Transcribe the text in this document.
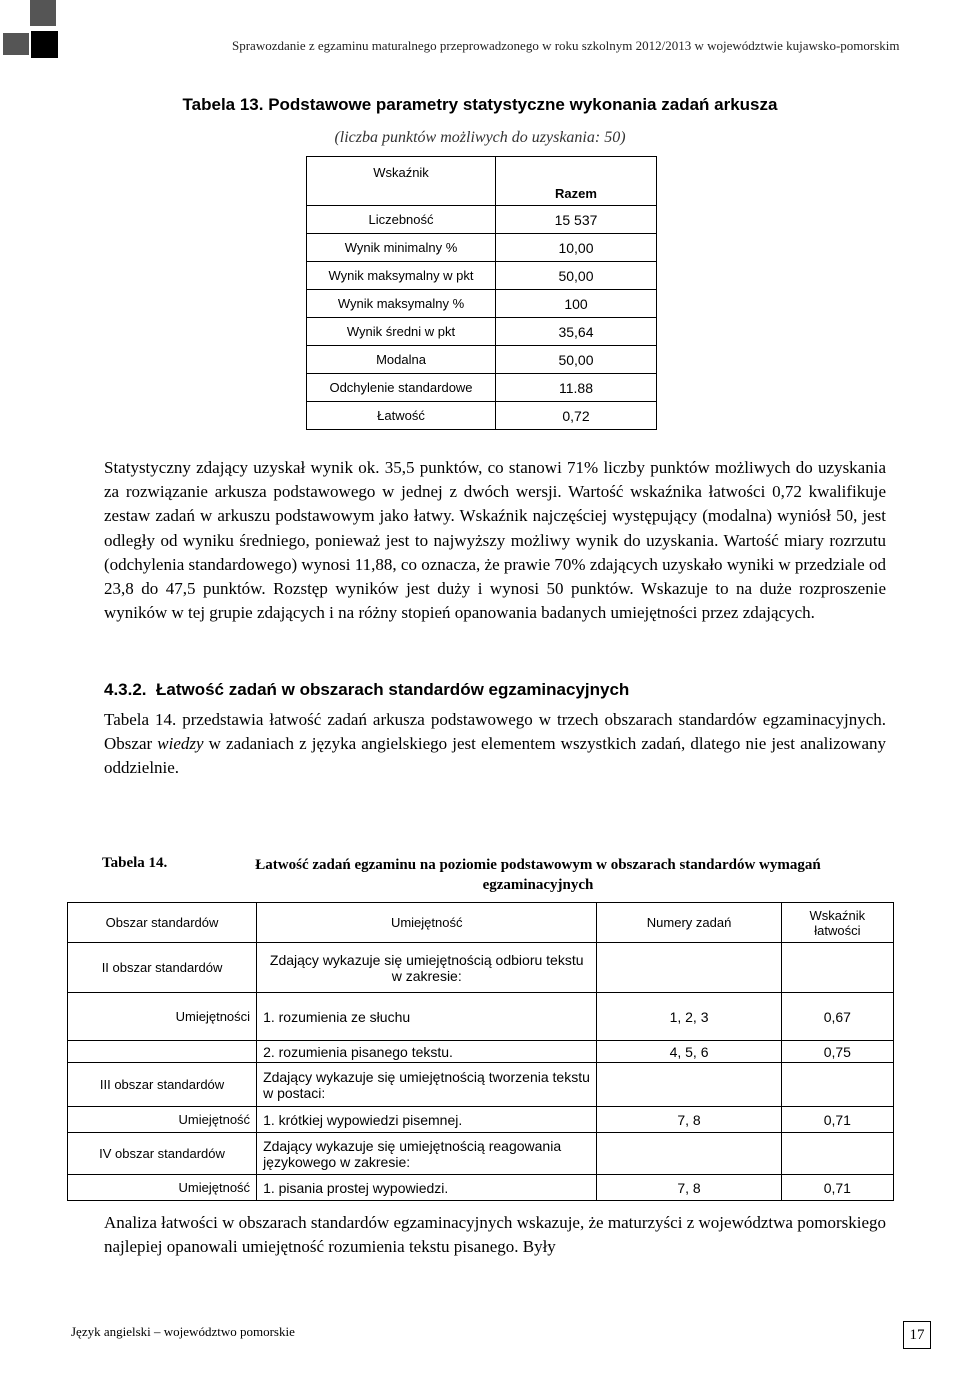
Sprawozdanie z egzaminu maturalnego przeprowadzonego w roku szkolnym 2012/2013 w województwie kujawsko-pomorskim
Tabela 13. Podstawowe parametry statystyczne wykonania zadań arkusza
(liczba punktów możliwych do uzyskania: 50)
Wskaźnik	Razem
Liczebność	15 537
Wynik minimalny %	10,00
Wynik maksymalny w pkt	50,00
Wynik maksymalny %	100
Wynik średni w pkt	35,64
Modalna	50,00
Odchylenie standardowe	11.88
Łatwość	0,72

Statystyczny zdający uzyskał wynik ok. 35,5 punktów, co stanowi 71% liczby punktów możliwych do uzyskania za rozwiązanie arkusza podstawowego w jednej z dwóch wersji. Wartość wskaźnika łatwości 0,72 kwalifikuje zestaw zadań w arkuszu podstawowym jako łatwy. Wskaźnik najczęściej występujący (modalna) wyniósł 50, jest odległy od wyniku średniego, ponieważ jest to najwyższy możliwy wynik do uzyskania. Wartość miary rozrzutu (odchylenia standardowego) wynosi 11,88, co oznacza, że prawie 70% zdających uzyskało wyniki w przedziale od 23,8 do 47,5 punktów. Rozstęp wyników jest duży i wynosi 50 punktów. Wskazuje to na duże rozproszenie wyników w tej grupie zdających i na różny stopień opanowania badanych umiejętności przez zdających.

4.3.2. Łatwość zadań w obszarach standardów egzaminacyjnych

Tabela 14. przedstawia łatwość zadań arkusza podstawowego w trzech obszarach standardów egzaminacyjnych. Obszar wiedzy w zadaniach z języka angielskiego jest elementem wszystkich zadań, dlatego nie jest analizowany oddzielnie.

Tabela 14.	Łatwość zadań egzaminu na poziomie podstawowym w obszarach standardów wymagań
egzaminacyjnych
Obszar standardów	Umiejętność	Numery zadań	Wskaźnik łatwości
II obszar standardów	Zdający wykazuje się umiejętnością odbioru tekstu w zakresie:		
Umiejętności	1. rozumienia ze słuchu	1, 2, 3	0,67
	2. rozumienia pisanego tekstu.	4, 5, 6	0,75
III obszar standardów	Zdający wykazuje się umiejętnością tworzenia tekstu w postaci:		
Umiejętność	1. krótkiej wypowiedzi pisemnej.	7, 8	0,71
IV obszar standardów	Zdający wykazuje się umiejętnością reagowania językowego w zakresie:		
Umiejętność	1. pisania prostej wypowiedzi.	7, 8	0,71

Analiza łatwości w obszarach standardów egzaminacyjnych wskazuje, że maturzyści z województwa pomorskiego najlepiej opanowali umiejętność rozumienia tekstu pisanego. Były

Język angielski – województwo pomorskie	17
